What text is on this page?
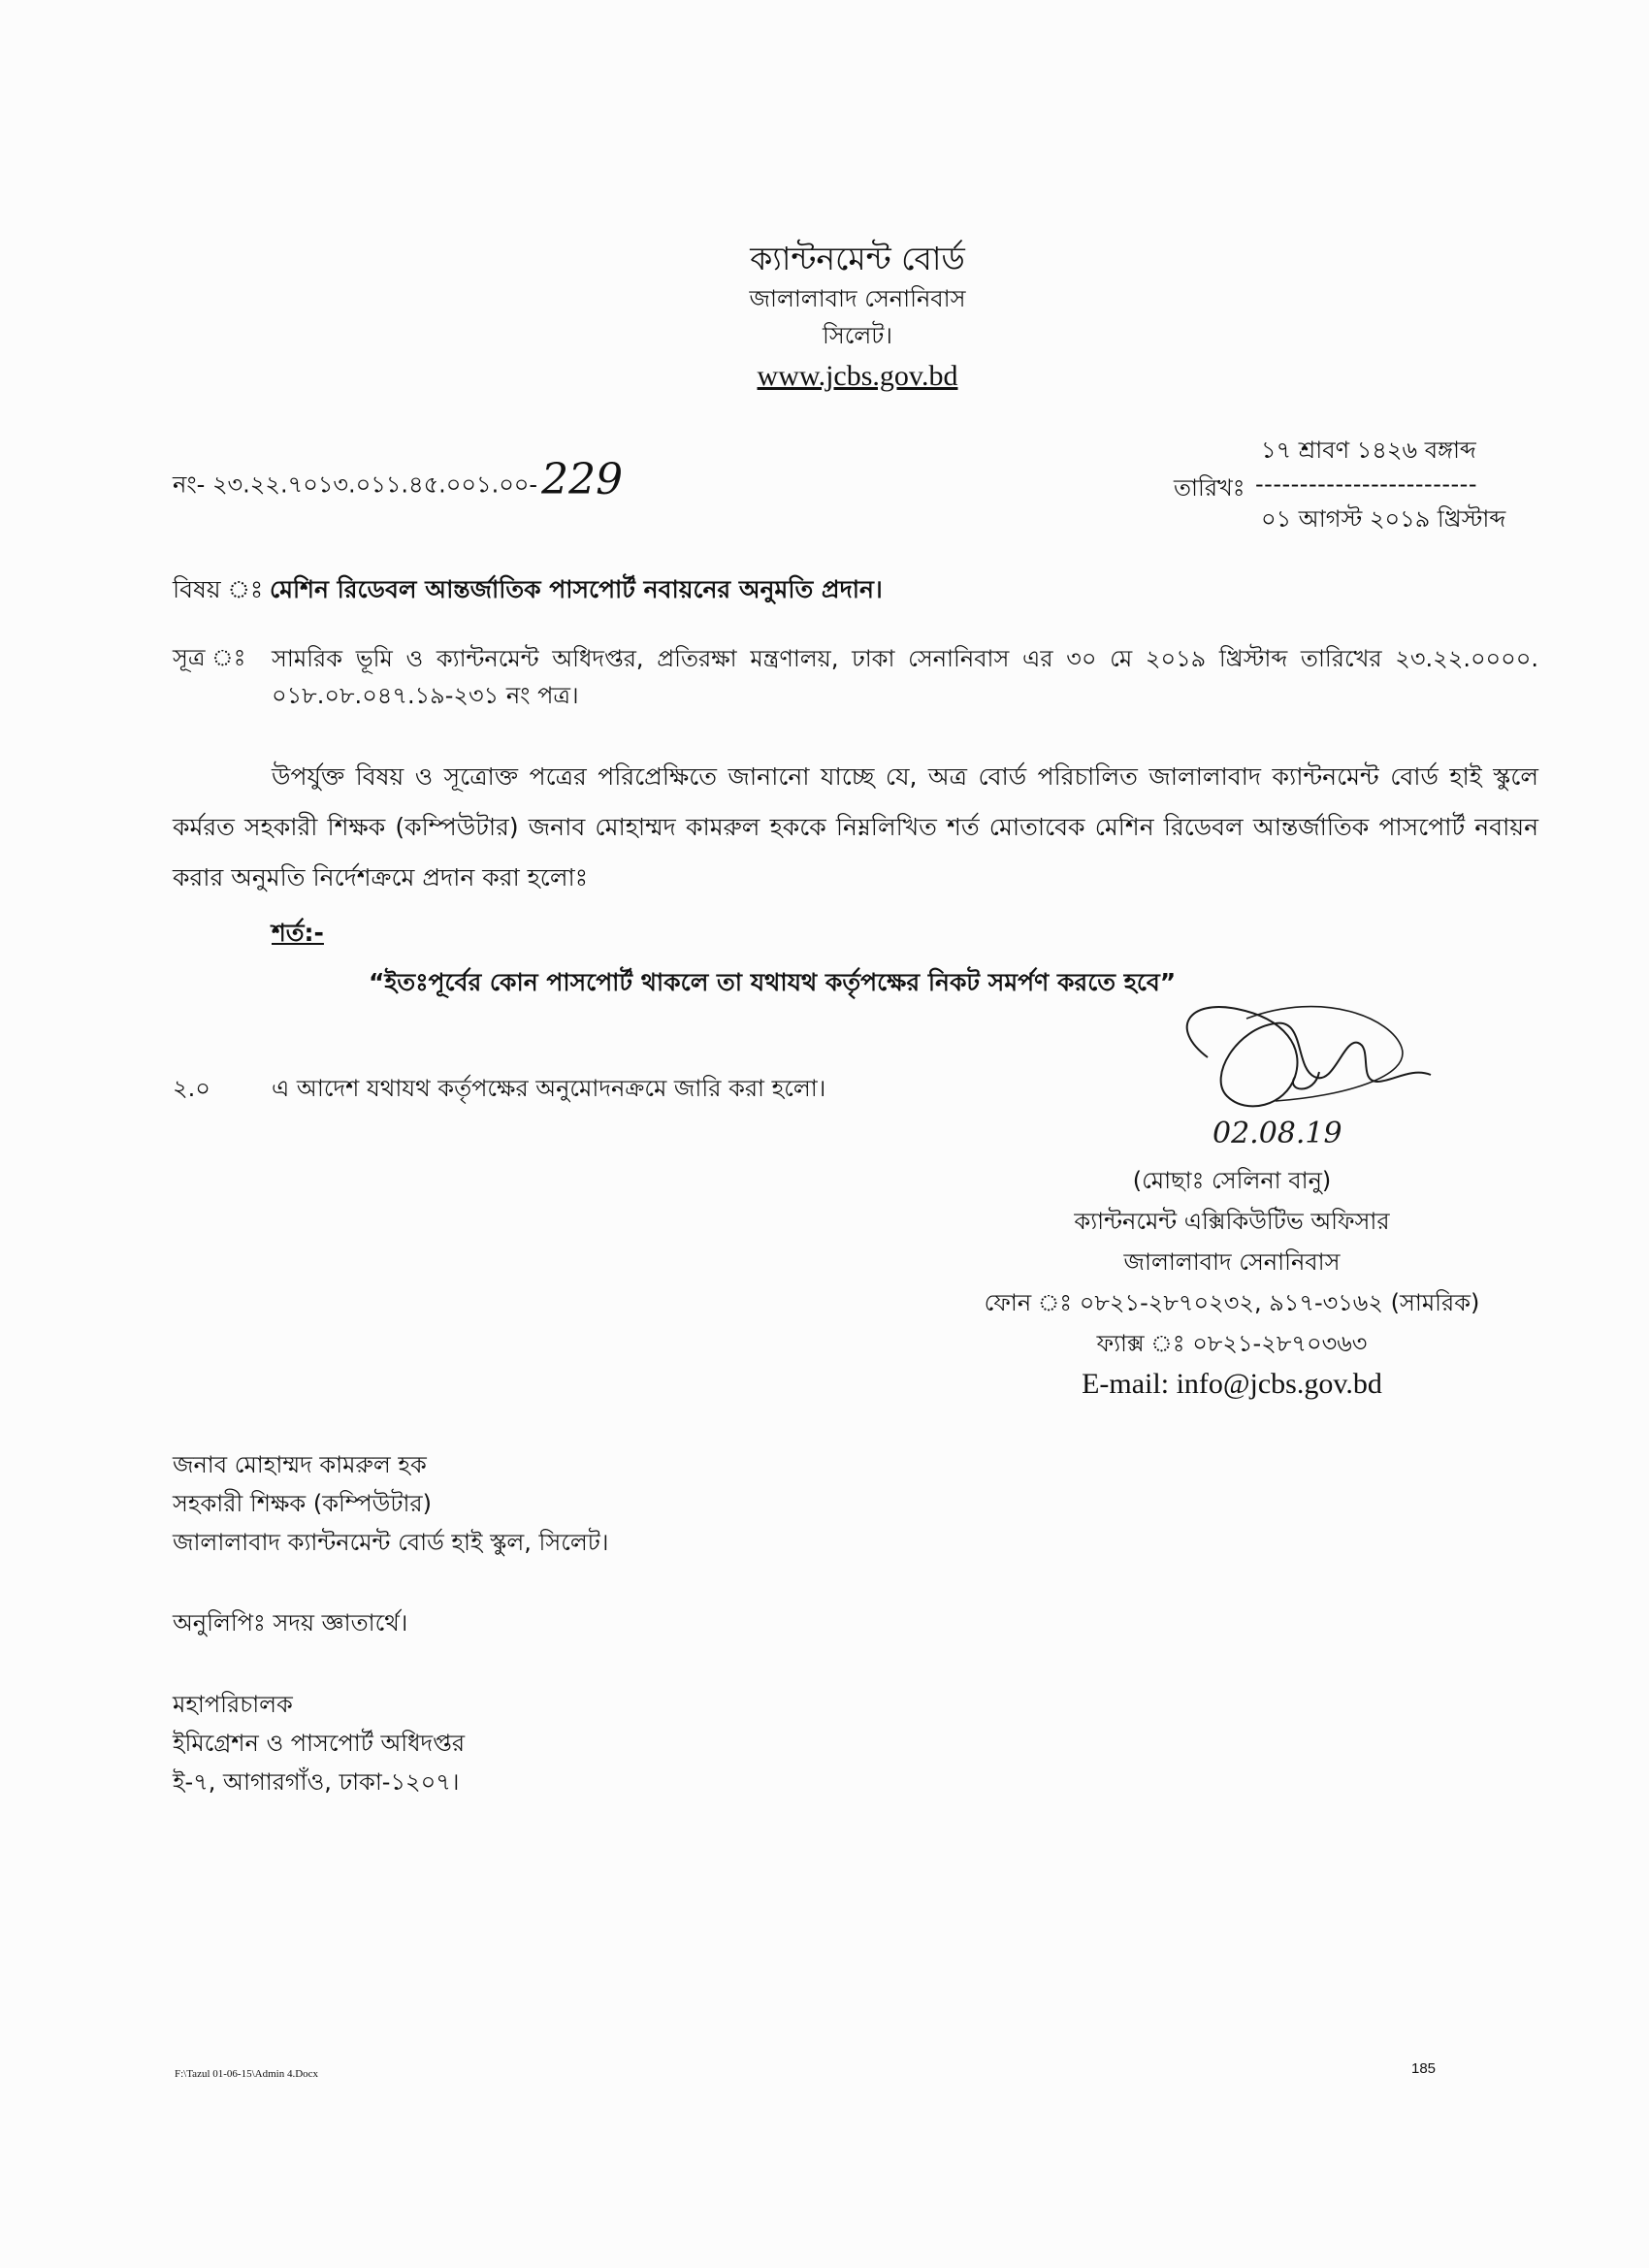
ক্যান্টনমেন্ট বোর্ড
জালালাবাদ সেনানিবাস
সিলেট।
www.jcbs.gov.bd
নং- ২৩.২২.৭০১৩.০১১.৪৫.০০১.০০-229
১৭ শ্রাবণ ১৪২৬ বঙ্গাব্দ
তারিখঃ -------------------------
০১ আগস্ট ২০১৯ খ্রিস্টাব্দ
বিষয় ঃ মেশিন রিডেবল আন্তর্জাতিক পাসপোর্ট নবায়নের অনুমতি প্রদান।
সূত্র ঃ সামরিক ভূমি ও ক্যান্টনমেন্ট অধিদপ্তর, প্রতিরক্ষা মন্ত্রণালয়, ঢাকা সেনানিবাস এর ৩০ মে ২০১৯ খ্রিস্টাব্দ তারিখের ২৩.২২.০০০০. ০১৮.০৮.০৪৭.১৯-২৩১ নং পত্র।
উপর্যুক্ত বিষয় ও সূত্রোক্ত পত্রের পরিপ্রেক্ষিতে জানানো যাচ্ছে যে, অত্র বোর্ড পরিচালিত জালালাবাদ ক্যান্টনমেন্ট বোর্ড হাই স্কুলে কর্মরত সহকারী শিক্ষক (কম্পিউটার) জনাব মোহাম্মদ কামরুল হককে নিম্নলিখিত শর্ত মোতাবেক মেশিন রিডেবল আন্তর্জাতিক পাসপোর্ট নবায়ন করার অনুমতি নির্দেশক্রমে প্রদান করা হলোঃ
শর্ত:-
“ইতঃপূর্বের কোন পাসপোর্ট থাকলে তা যথাযথ কর্তৃপক্ষের নিকট সমর্পণ করতে হবে”
২.০	এ আদেশ যথাযথ কর্তৃপক্ষের অনুমোদনক্রমে জারি করা হলো।
02.08.19
(মোছাঃ সেলিনা বানু)
ক্যান্টনমেন্ট এক্সিকিউটিভ অফিসার
জালালাবাদ সেনানিবাস
ফোন ঃ ০৮২১-২৮৭০২৩২, ৯১৭-৩১৬২ (সামরিক)
ফ্যাক্স ঃ ০৮২১-২৮৭০৩৬৩
E-mail: info@jcbs.gov.bd
জনাব মোহাম্মদ কামরুল হক
সহকারী শিক্ষক (কম্পিউটার)
জালালাবাদ ক্যান্টনমেন্ট বোর্ড হাই স্কুল, সিলেট।
অনুলিপিঃ সদয় জ্ঞাতার্থে।
মহাপরিচালক
ইমিগ্রেশন ও পাসপোর্ট অধিদপ্তর
ই-৭, আগারগাঁও, ঢাকা-১২০৭।
F:\Tazul 01-06-15\Admin 4.Docx	185
